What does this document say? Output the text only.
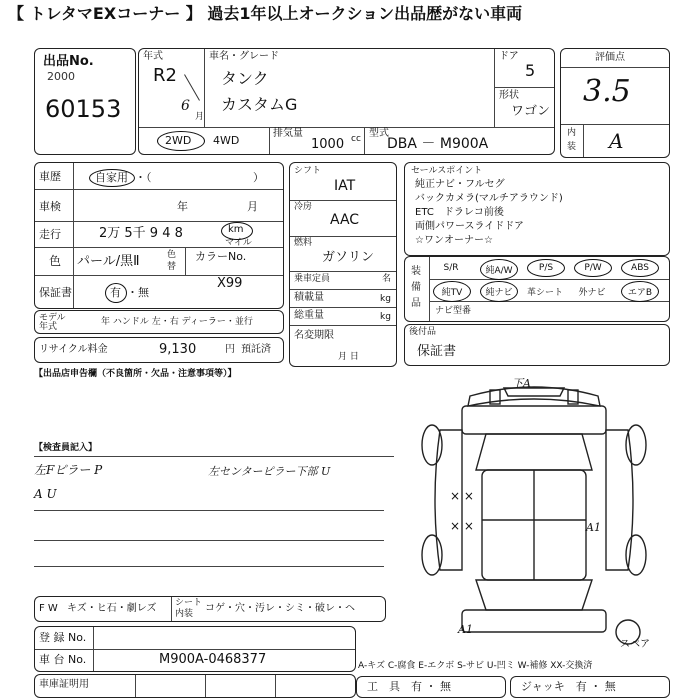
【 トレタマEXコーナー 】 過去1年以上オークション出品歴がない車両
出品No.
2000
60153
年式
R2
6
月
車名・グレード
タンク
カスタムG
ドア
5
形状
ワゴン
2WD 4WD
排気量
1000 cc 型式
DBA － M900A
評価点
3.5
内
装 A
車歴	自家用 ・（	）
車検	年	月
走行	2万 5千 9 4 8	km
マイル
色 パール/黒Ⅱ	色
替
カラーNo.
X99
保証書	有 ・無
モデル年式	年 ハンドル 左・右 ディーラー・並行
リサイクル料金	9,130	円 預託済
シフト
IAT
冷房
AAC
燃料
ガソリン
乗車定員	名
積載量	kg
総重量	kg
名変期限
月 日
セールスポイント
純正ナビ・フルセグ
バックカメラ(マルチアラウンド)
ETC　ドラレコ前後
両側パワースライドドア
☆ワンオーナー☆
装
備
品
S/R	純A/W	P/S	P/W	ABS
純TV	純ナビ	革シート	外ナビ	エアB
ナビ型番
後付品
保証書
【出品店申告欄（不良箇所・欠品・注意事項等）】
【検査員記入】
左Fピラー P
A U
左センターピラー下部 U
下A
× ×
× ×	A1
A1
スペア
F W キズ・ヒ石・劇レズ シート
内装 コゲ・穴・汚レ・シミ・破レ・ヘ
登 録 No.
車 台 No.	M900A-0468377
車庫証明用
A-キズ C-腐食 E-エクボ S-サビ U-凹ミ W-補修 XX-交換済
工　具　有 ・ 無	ジャッキ　有 ・ 無
